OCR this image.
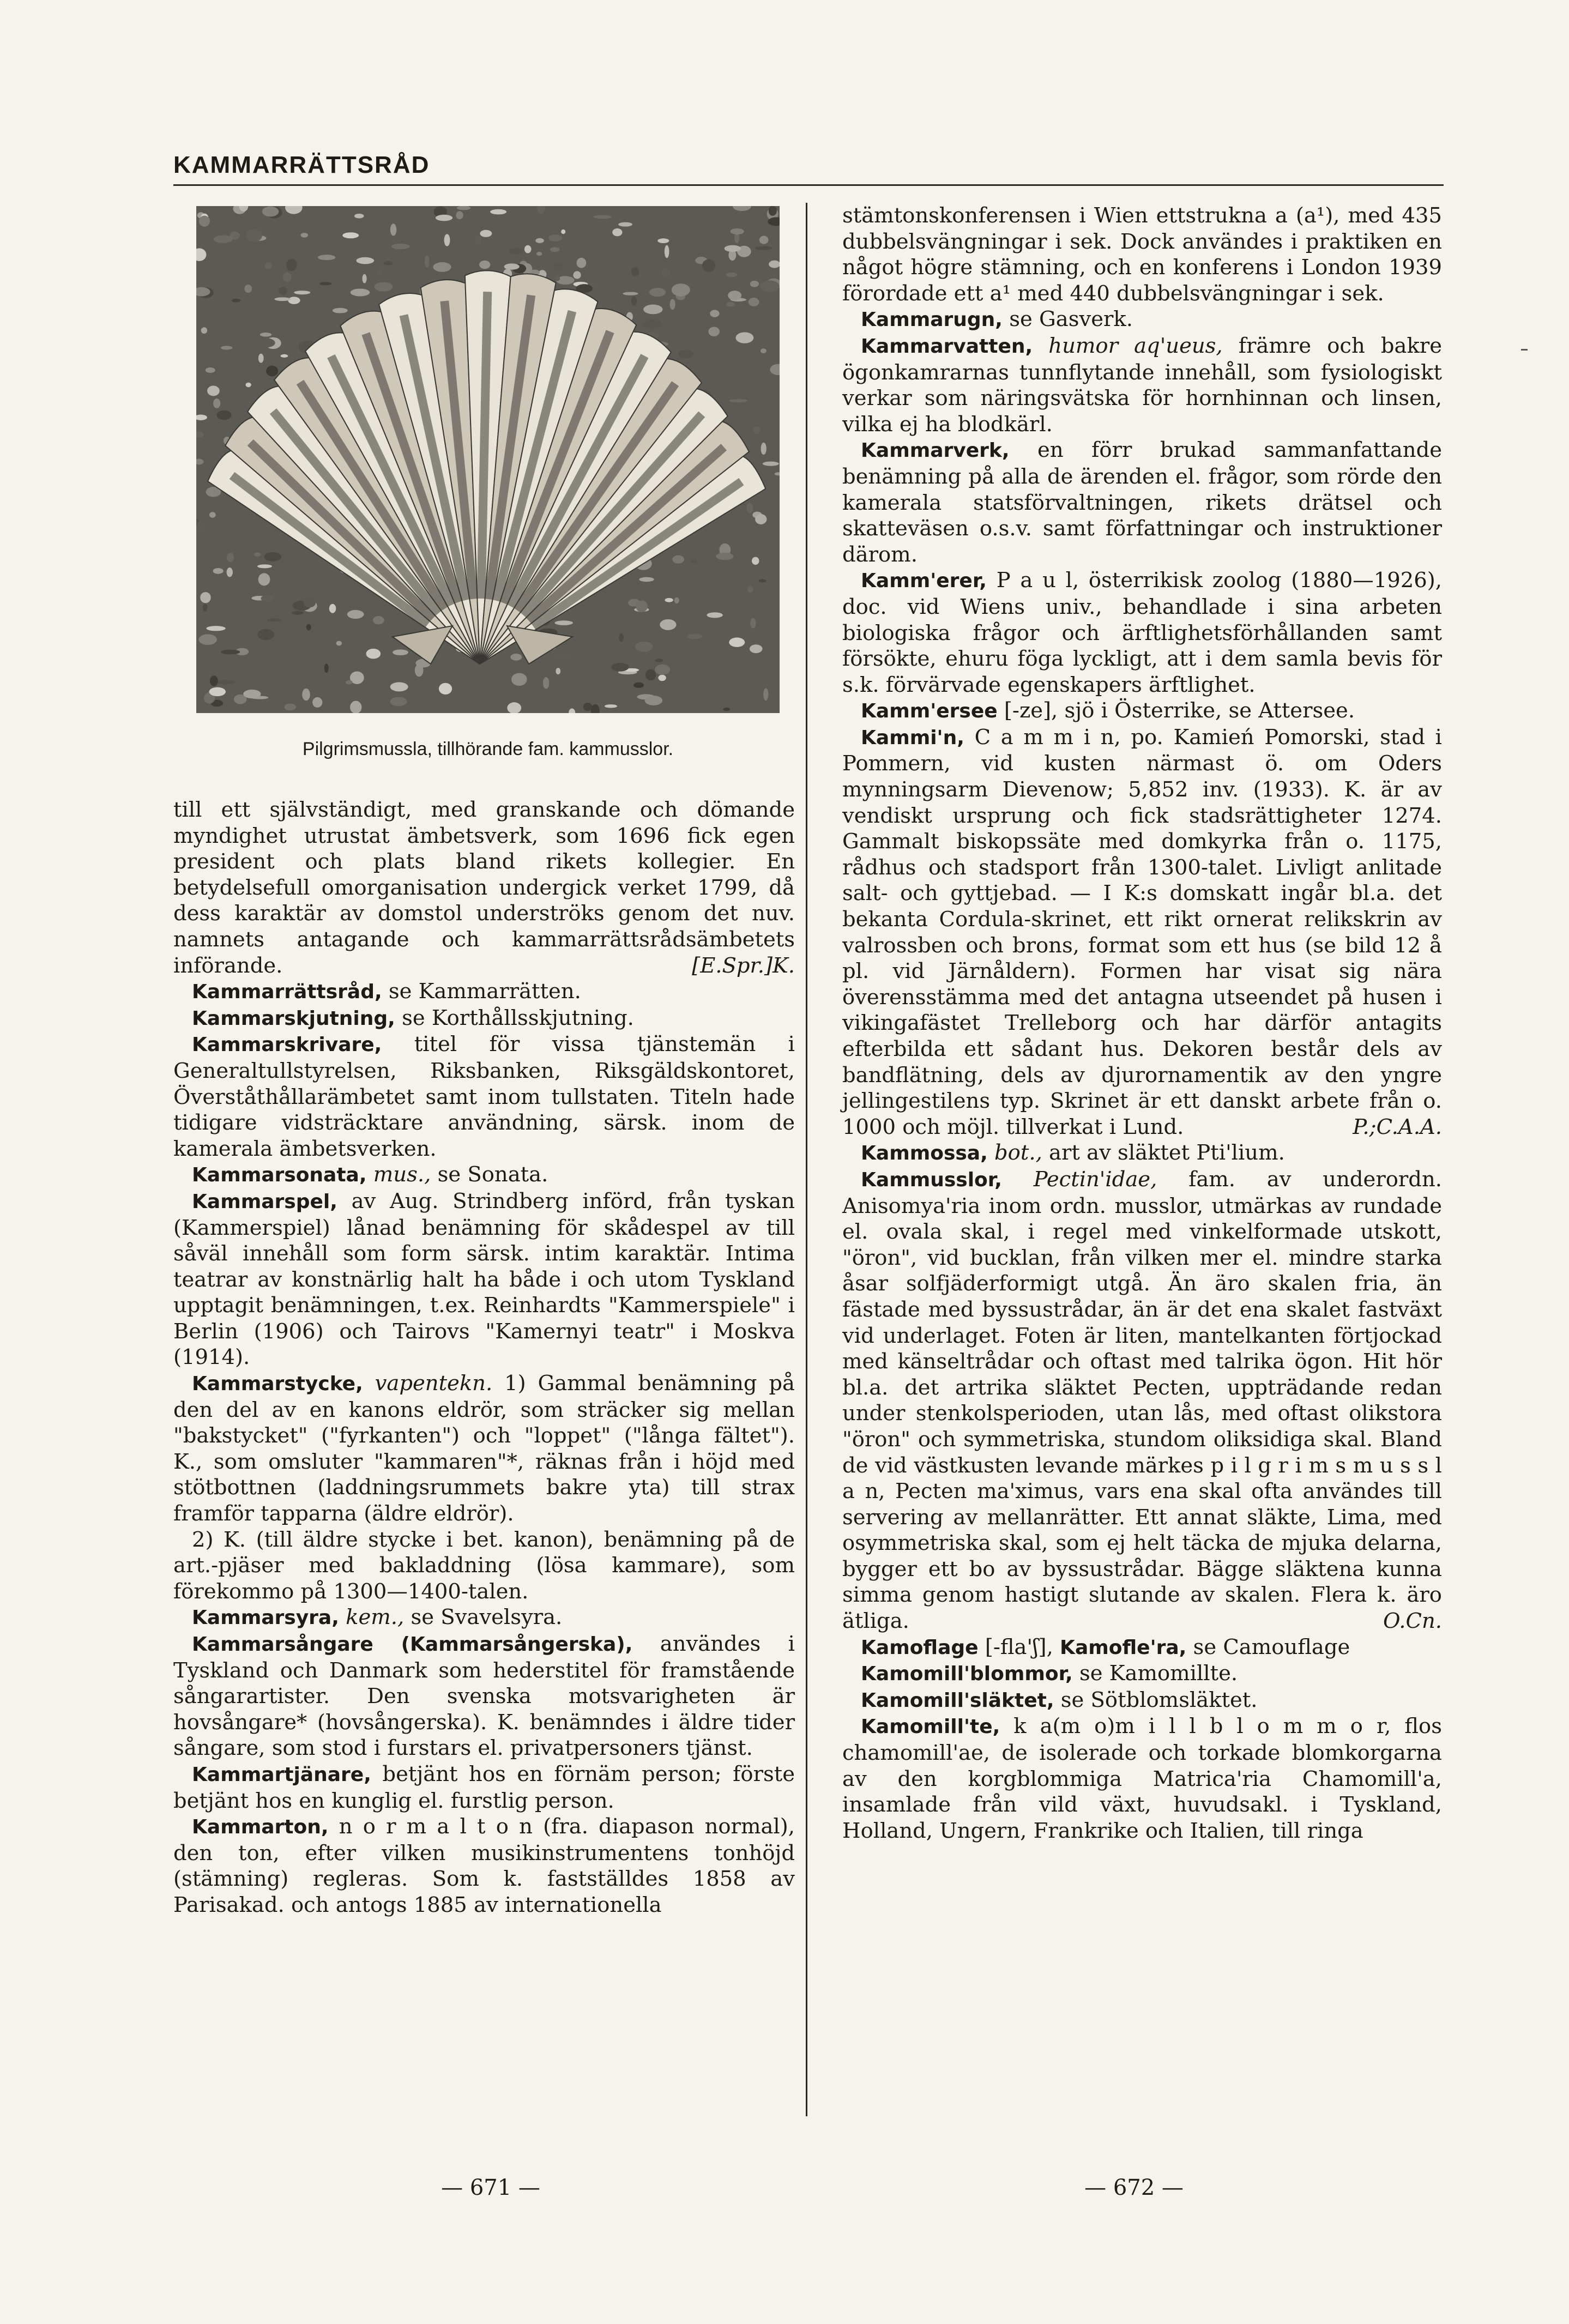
KAMMARRÄTTSRÅD
Pilgrimsmussla, tillhörande fam. kammusslor.

till ett självständigt, med granskande och dömande myndighet utrustat ämbetsverk, som 1696 fick egen president och plats bland rikets kollegier. En betydelsefull omorganisation undergick verket 1799, då dess karaktär av domstol underströks genom det nuv. namnets antagande och kammarrättsrådsämbetets införande.	[E.Spr.]K.

Kammarrättsråd, se Kammarrätten.

Kammarskjutning, se Korthållsskjutning.

Kammarskrivare, titel för vissa tjänstemän i Generaltullstyrelsen, Riksbanken, Riksgäldskontoret, Överståthållarämbetet samt inom tullstaten. Titeln hade tidigare vidsträcktare användning, särsk. inom de kamerala ämbetsverken.

Kammarsonata, mus., se Sonata.

Kammarspel, av Aug. Strindberg införd, från tyskan (Kammerspiel) lånad benämning för skådespel av till såväl innehåll som form särsk. intim karaktär. Intima teatrar av konstnärlig halt ha både i och utom Tyskland upptagit benämningen, t.ex. Reinhardts "Kammerspiele" i Berlin (1906) och Tairovs "Kamernyi teatr" i Moskva (1914).

Kammarstycke, vapentekn. 1) Gammal benämning på den del av en kanons eldrör, som sträcker sig mellan "bakstycket" ("fyrkanten") och "loppet" ("långa fältet"). K., som omsluter "kammaren"*, räknas från i höjd med stötbottnen (laddningsrummets bakre yta) till strax framför tapparna (äldre eldrör).

2) K. (till äldre stycke i bet. kanon), benämning på de art.-pjäser med bakladdning (lösa kammare), som förekommo på 1300—1400-talen.

Kammarsyra, kem., se Svavelsyra.

Kammarsångare (Kammarsångerska), användes i Tyskland och Danmark som hederstitel för framstående sångarartister. Den svenska motsvarigheten är hovsångare* (hovsångerska). K. benämndes i äldre tider sångare, som stod i furstars el. privatpersoners tjänst.

Kammartjänare, betjänt hos en förnäm person; förste betjänt hos en kunglig el. furstlig person.

Kammarton, n o r m a l t o n (fra. diapason normal), den ton, efter vilken musikinstrumentens tonhöjd (stämning) regleras. Som k. fastställdes 1858 av Parisakad. och antogs 1885 av internationella

stämtonskonferensen i Wien ettstrukna a (a¹), med 435 dubbelsvängningar i sek. Dock användes i praktiken en något högre stämning, och en konferens i London 1939 förordade ett a¹ med 440 dubbelsvängningar i sek.

Kammarugn, se Gasverk.

Kammarvatten, humor aq'ueus, främre och bakre ögonkamrarnas tunnflytande innehåll, som fysiologiskt verkar som näringsvätska för hornhinnan och linsen, vilka ej ha blodkärl.

Kammarverk, en förr brukad sammanfattande benämning på alla de ärenden el. frågor, som rörde den kamerala statsförvaltningen, rikets drätsel och skatteväsen o.s.v. samt författningar och instruktioner därom.

Kamm'erer, P a u l, österrikisk zoolog (1880—1926), doc. vid Wiens univ., behandlade i sina arbeten biologiska frågor och ärftlighetsförhållanden samt försökte, ehuru föga lyckligt, att i dem samla bevis för s.k. förvärvade egenskapers ärftlighet.

Kamm'ersee [-ze], sjö i Österrike, se Attersee.

Kammi'n, C a m m i n, po. Kamień Pomorski, stad i Pommern, vid kusten närmast ö. om Oders mynningsarm Dievenow; 5,852 inv. (1933). K. är av vendiskt ursprung och fick stadsrättigheter 1274. Gammalt biskopssäte med domkyrka från o. 1175, rådhus och stadsport från 1300-talet. Livligt anlitade salt- och gyttjebad. — I K:s domskatt ingår bl.a. det bekanta Cordula-skrinet, ett rikt ornerat relikskrin av valrossben och brons, format som ett hus (se bild 12 å pl. vid Järnåldern). Formen har visat sig nära överensstämma med det antagna utseendet på husen i vikingafästet Trelleborg och har därför antagits efterbilda ett sådant hus. Dekoren består dels av bandflätning, dels av djurornamentik av den yngre jellingestilens typ. Skrinet är ett danskt arbete från o. 1000 och möjl. tillverkat i Lund.	P.;C.A.A.

Kammossa, bot., art av släktet Pti'lium.

Kammusslor, Pectin'idae, fam. av underordn. Anisomya'ria inom ordn. musslor, utmärkas av rundade el. ovala skal, i regel med vinkelformade utskott, "öron", vid bucklan, från vilken mer el. mindre starka åsar solfjäderformigt utgå. Än äro skalen fria, än fästade med byssustrådar, än är det ena skalet fastväxt vid underlaget. Foten är liten, mantelkanten förtjockad med känseltrådar och oftast med talrika ögon. Hit hör bl.a. det artrika släktet Pecten, uppträdande redan under stenkolsperioden, utan lås, med oftast olikstora "öron" och symmetriska, stundom oliksidiga skal. Bland de vid västkusten levande märkes p i l g r i m s m u s s l a n, Pecten ma'ximus, vars ena skal ofta användes till servering av mellanrätter. Ett annat släkte, Lima, med osymmetriska skal, som ej helt täcka de mjuka delarna, bygger ett bo av byssustrådar. Bägge släktena kunna simma genom hastigt slutande av skalen. Flera k. äro ätliga.	O.Cn.

Kamoflage [-fla'ʃ], Kamofle'ra, se Camouflage

Kamomill'blommor, se Kamomillte.

Kamomill'släktet, se Sötblomsläktet.

Kamomill'te, k a(m o)m i l l b l o m m o r, flos chamomill'ae, de isolerade och torkade blomkorgarna av den korgblommiga Matrica'ria Chamomill'a, insamlade från vild växt, huvudsakl. i Tyskland, Holland, Ungern, Frankrike och Italien, till ringa

— 671 —	— 672 —
